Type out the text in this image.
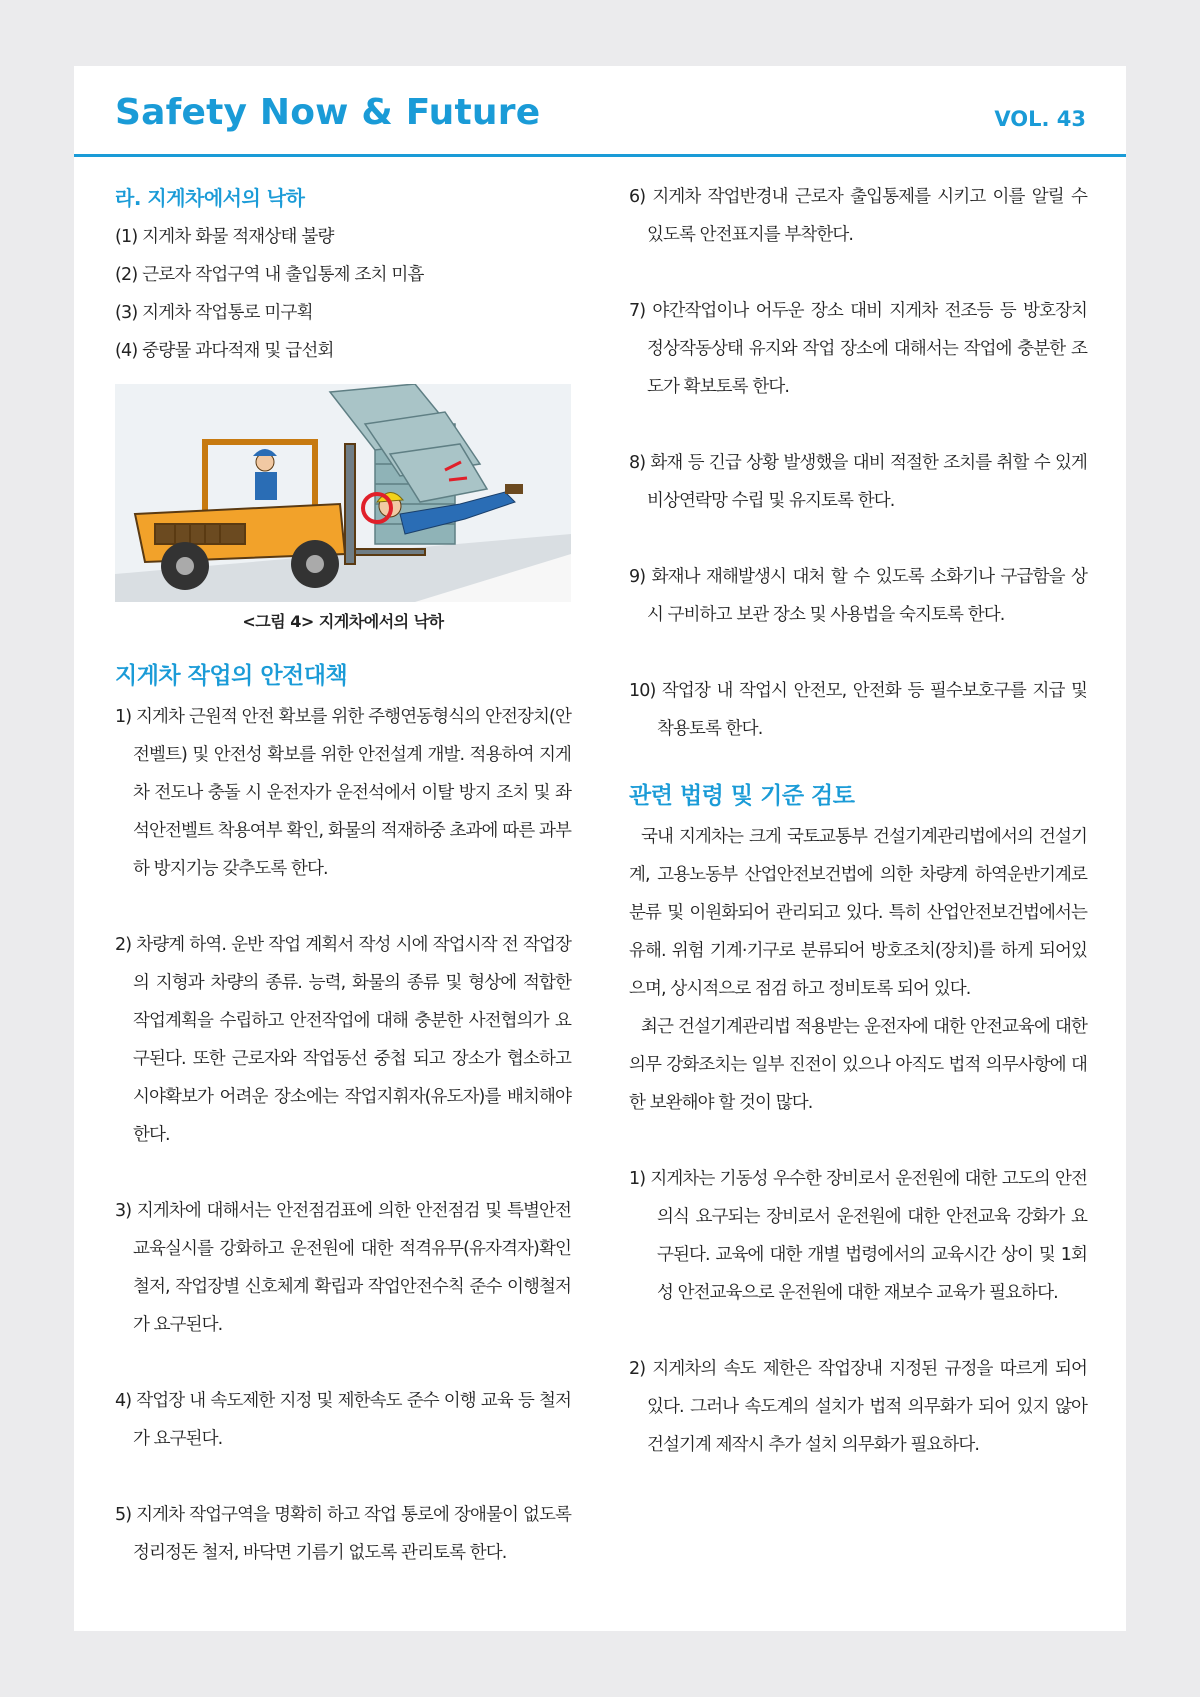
Safety Now & Future	VOL. 43

라. 지게차에서의 낙하

(1) 지게차 화물 적재상태 불량

(2) 근로자 작업구역 내 출입통제 조치 미흡

(3) 지게차 작업통로 미구획

(4) 중량물 과다적재 및 급선회

<그림 4> 지게차에서의 낙하

지게차 작업의 안전대책

1) 지게차 근원적 안전 확보를 위한 주행연동형식의 안전장치(안전벨트) 및 안전성 확보를 위한 안전설계 개발. 적용하여 지게차 전도나 충돌 시 운전자가 운전석에서 이탈 방지 조치 및 좌석안전벨트 착용여부 확인, 화물의 적재하중 초과에 따른 과부하 방지기능 갖추도록 한다.

2) 차량계 하역. 운반 작업 계획서 작성 시에 작업시작 전 작업장의 지형과 차량의 종류. 능력, 화물의 종류 및 형상에 적합한 작업계획을 수립하고 안전작업에 대해 충분한 사전협의가 요구된다. 또한 근로자와 작업동선 중첩 되고 장소가 협소하고 시야확보가 어려운 장소에는 작업지휘자(유도자)를 배치해야 한다.

3) 지게차에 대해서는 안전점검표에 의한 안전점검 및 특별안전교육실시를 강화하고 운전원에 대한 적격유무(유자격자)확인 철저, 작업장별 신호체계 확립과 작업안전수칙 준수 이행철저가 요구된다.

4) 작업장 내 속도제한 지정 및 제한속도 준수 이행 교육 등 철저가 요구된다.

5) 지게차 작업구역을 명확히 하고 작업 통로에 장애물이 없도록 정리정돈 철저, 바닥면 기름기 없도록 관리토록 한다.

6) 지게차 작업반경내 근로자 출입통제를 시키고 이를 알릴 수 있도록 안전표지를 부착한다.

7) 야간작업이나 어두운 장소 대비 지게차 전조등 등 방호장치 정상작동상태 유지와 작업 장소에 대해서는 작업에 충분한 조도가 확보토록 한다.

8) 화재 등 긴급 상황 발생했을 대비 적절한 조치를 취할 수 있게 비상연락망 수립 및 유지토록 한다.

9) 화재나 재해발생시 대처 할 수 있도록 소화기나 구급함을 상시 구비하고 보관 장소 및 사용법을 숙지토록 한다.

10) 작업장 내 작업시 안전모, 안전화 등 필수보호구를 지급 및 착용토록 한다.

관련 법령 및 기준 검토

국내 지게차는 크게 국토교통부 건설기계관리법에서의 건설기계, 고용노동부 산업안전보건법에 의한 차량계 하역운반기계로 분류 및 이원화되어 관리되고 있다. 특히 산업안전보건법에서는 유해. 위험 기계·기구로 분류되어 방호조치(장치)를 하게 되어있으며, 상시적으로 점검 하고 정비토록 되어 있다.

최근 건설기계관리법 적용받는 운전자에 대한 안전교육에 대한 의무 강화조치는 일부 진전이 있으나 아직도 법적 의무사항에 대한 보완해야 할 것이 많다.

1) 지게차는 기동성 우수한 장비로서 운전원에 대한 고도의 안전의식 요구되는 장비로서 운전원에 대한 안전교육 강화가 요구된다. 교육에 대한 개별 법령에서의 교육시간 상이 및 1회성 안전교육으로 운전원에 대한 재보수 교육가 필요하다.

2) 지게차의 속도 제한은 작업장내 지정된 규정을 따르게 되어 있다. 그러나 속도계의 설치가 법적 의무화가 되어 있지 않아 건설기계 제작시 추가 설치 의무화가 필요하다.
